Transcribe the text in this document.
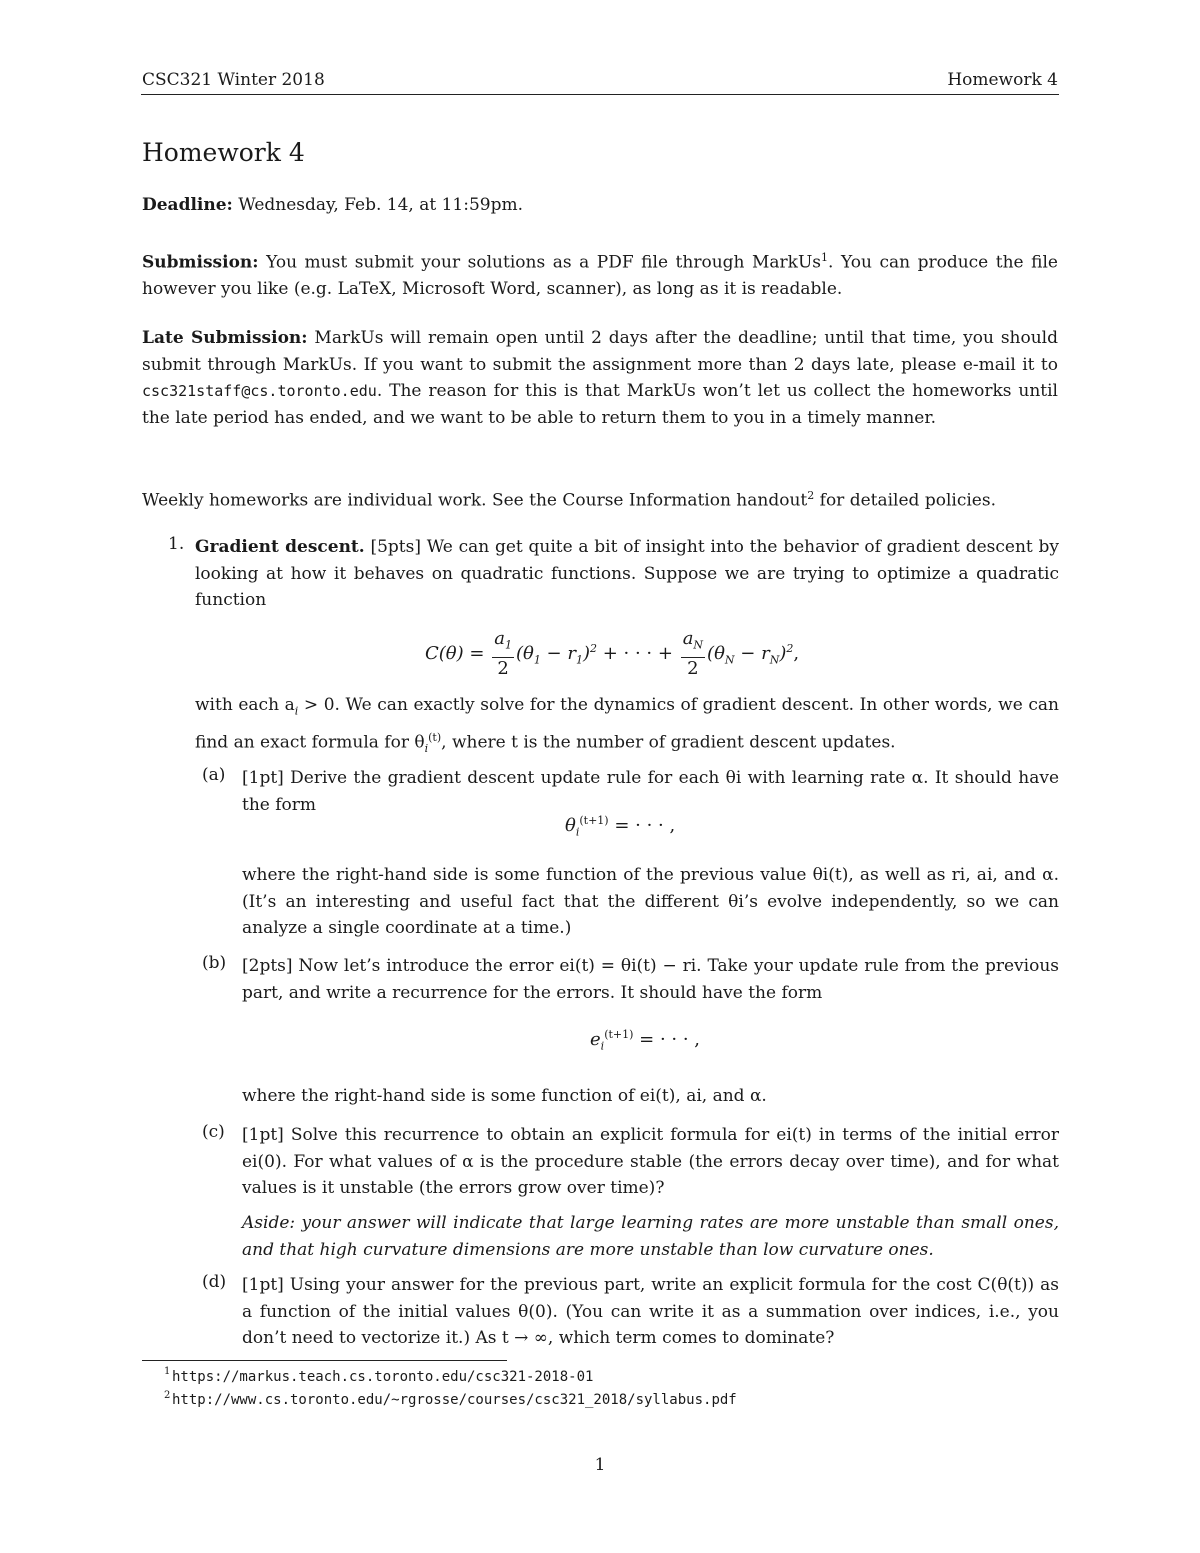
CSC321 Winter 2018	Homework 4
Homework 4
Deadline: Wednesday, Feb. 14, at 11:59pm.
Submission: You must submit your solutions as a PDF file through MarkUs$^1$. You can produce the file however you like (e.g. LaTeX, Microsoft Word, scanner), as long as it is readable.
Late Submission: MarkUs will remain open until 2 days after the deadline; until that time, you should submit through MarkUs. If you want to submit the assignment more than 2 days late, please e-mail it to csc321staff@cs.toronto.edu. The reason for this is that MarkUs won’t let us collect the homeworks until the late period has ended, and we want to be able to return them to you in a timely manner.
Weekly homeworks are individual work. See the Course Information handout$^2$ for detailed policies.
1. Gradient descent. [5pts] We can get quite a bit of insight into the behavior of gradient descent by looking at how it behaves on quadratic functions. Suppose we are trying to optimize a quadratic function
$C(\theta) = \frac{a_1}{2} (\theta_1 - r_1)^2$ + · · · + $\frac{a_N}{2} (\theta_N - r_N)^2$,
with each $a_i > 0$. We can exactly solve for the dynamics of gradient descent. In other words, we can find an exact formula for $\theta_i^{(t)}$, where t is the number of gradient descent updates.
(a) [1pt] Derive the gradient descent update rule for each θi with learning rate α. It should have the form
$\theta_i^{(t+1)}$ = · · · ,
where the right-hand side is some function of the previous value θi(t), as well as ri, ai, and α. (It’s an interesting and useful fact that the different θi’s evolve independently, so we can analyze a single coordinate at a time.)
(b) [2pts] Now let’s introduce the error ei(t) = θi(t) − ri. Take your update rule from the previous part, and write a recurrence for the errors. It should have the form
$e_i^{(t+1)}$ = · · · ,
where the right-hand side is some function of ei(t), ai, and α.
(c) [1pt] Solve this recurrence to obtain an explicit formula for ei(t) in terms of the initial error ei(0). For what values of α is the procedure stable (the errors decay over time), and for what values is it unstable (the errors grow over time)?
Aside: your answer will indicate that large learning rates are more unstable than small ones, and that high curvature dimensions are more unstable than low curvature ones.
(d) [1pt] Using your answer for the previous part, write an explicit formula for the cost C(θ(t)) as a function of the initial values θ(0). (You can write it as a summation over indices, i.e., you don’t need to vectorize it.) As t → ∞, which term comes to dominate?
1 https://markus.teach.cs.toronto.edu/csc321-2018-01
2 http://www.cs.toronto.edu/~rgrosse/courses/csc321_2018/syllabus.pdf
1
